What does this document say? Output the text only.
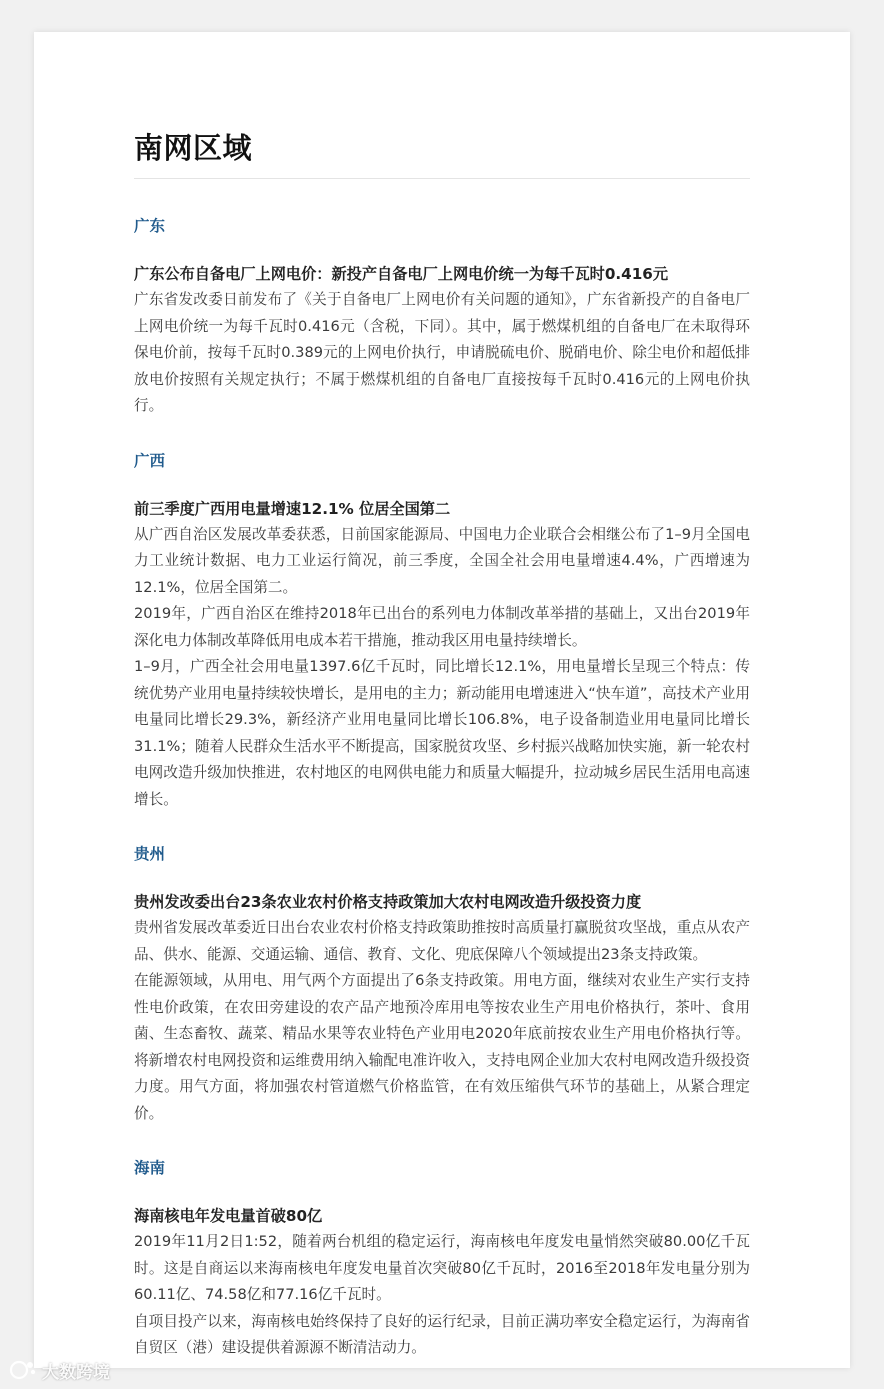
南网区域
广东
广东公布自备电厂上网电价：新投产自备电厂上网电价统一为每千瓦时0.416元

广东省发改委日前发布了《关于自备电厂上网电价有关问题的通知》，广东省新投产的自备电厂上网电价统一为每千瓦时0.416元（含税，下同）。其中，属于燃煤机组的自备电厂在未取得环保电价前，按每千瓦时0.389元的上网电价执行，申请脱硫电价、脱硝电价、除尘电价和超低排放电价按照有关规定执行；不属于燃煤机组的自备电厂直接按每千瓦时0.416元的上网电价执行。

广西
前三季度广西用电量增速12.1% 位居全国第二

从广西自治区发展改革委获悉，日前国家能源局、中国电力企业联合会相继公布了1–9月全国电力工业统计数据、电力工业运行简况，前三季度，全国全社会用电量增速4.4%，广西增速为12.1%，位居全国第二。

2019年，广西自治区在维持2018年已出台的系列电力体制改革举措的基础上，又出台2019年深化电力体制改革降低用电成本若干措施，推动我区用电量持续增长。

1–9月，广西全社会用电量1397.6亿千瓦时，同比增长12.1%，用电量增长呈现三个特点：传统优势产业用电量持续较快增长，是用电的主力；新动能用电增速进入“快车道”，高技术产业用电量同比增长29.3%，新经济产业用电量同比增长106.8%，电子设备制造业用电量同比增长31.1%；随着人民群众生活水平不断提高，国家脱贫攻坚、乡村振兴战略加快实施，新一轮农村电网改造升级加快推进，农村地区的电网供电能力和质量大幅提升，拉动城乡居民生活用电高速增长。

贵州
贵州发改委出台23条农业农村价格支持政策加大农村电网改造升级投资力度

贵州省发展改革委近日出台农业农村价格支持政策助推按时高质量打赢脱贫攻坚战，重点从农产品、供水、能源、交通运输、通信、教育、文化、兜底保障八个领域提出23条支持政策。

在能源领域，从用电、用气两个方面提出了6条支持政策。用电方面，继续对农业生产实行支持性电价政策，在农田旁建设的农产品产地预冷库用电等按农业生产用电价格执行，茶叶、食用菌、生态畜牧、蔬菜、精品水果等农业特色产业用电2020年底前按农业生产用电价格执行等。将新增农村电网投资和运维费用纳入输配电准许收入，支持电网企业加大农村电网改造升级投资力度。用气方面，将加强农村管道燃气价格监管，在有效压缩供气环节的基础上，从紧合理定价。

海南
海南核电年发电量首破80亿

2019年11月2日1:52，随着两台机组的稳定运行，海南核电年度发电量悄然突破80.00亿千瓦时。这是自商运以来海南核电年度发电量首次突破80亿千瓦时，2016至2018年发电量分别为60.11亿、74.58亿和77.16亿千瓦时。

自项目投产以来，海南核电始终保持了良好的运行纪录，目前正满功率安全稳定运行，为海南省自贸区（港）建设提供着源源不断清洁动力。

大数跨境
